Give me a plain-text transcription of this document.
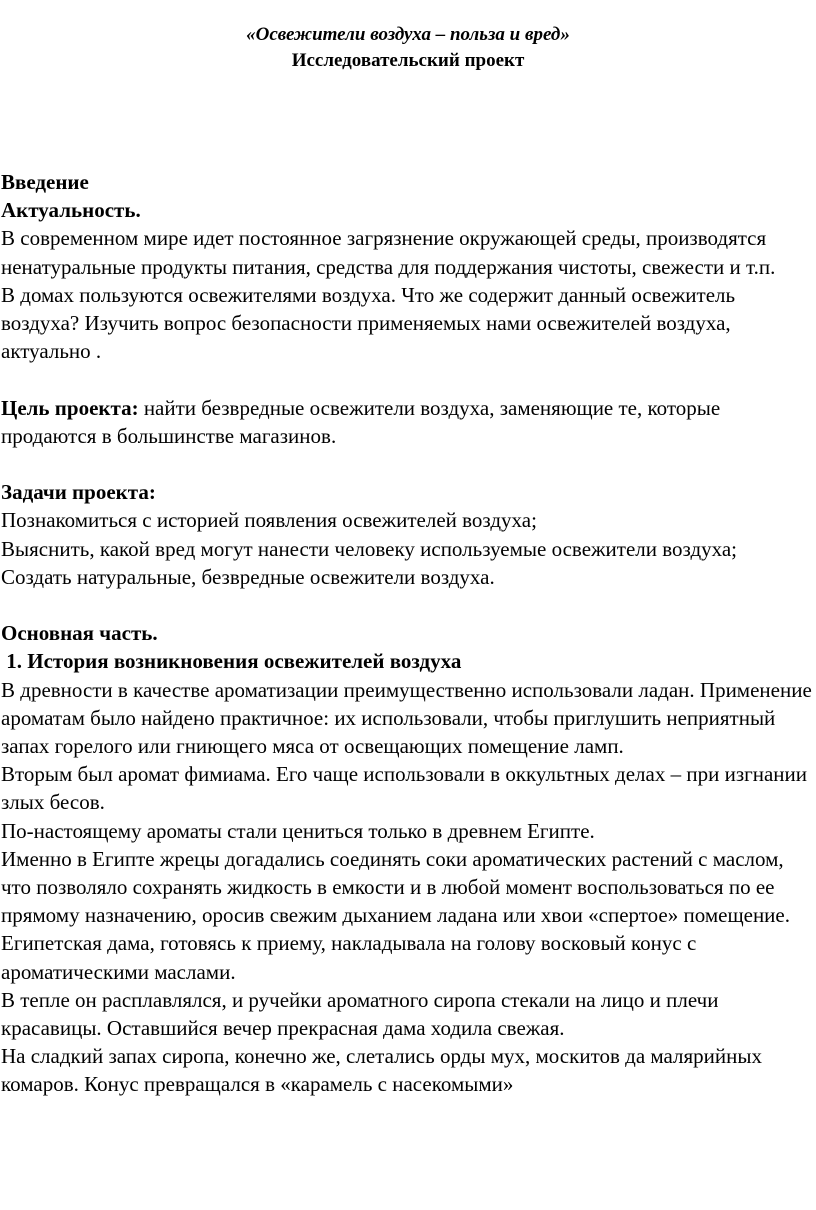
«Освежители воздуха – польза и вред»
Исследовательский проект

Введение

Актуальность.

В современном мире идет постоянное загрязнение окружающей среды, производятся ненатуральные продукты питания, средства для поддержания чистоты, свежести и т.п.

В домах пользуются освежителями воздуха. Что же содержит данный освежитель воздуха? Изучить вопрос безопасности применяемых нами освежителей воздуха, актуально .

Цель проекта: найти безвредные освежители воздуха, заменяющие те, которые продаются в большинстве магазинов.

Задачи проекта:

Познакомиться с историей появления освежителей воздуха;

Выяснить, какой вред могут нанести человеку используемые освежители воздуха;

Создать натуральные, безвредные освежители воздуха.

Основная часть.

1. История возникновения освежителей воздуха

В древности в качестве ароматизации преимущественно использовали ладан. Применение ароматам было найдено практичное: их использовали, чтобы приглушить неприятный запах горелого или гниющего мяса от освещающих помещение ламп.

Вторым был аромат фимиама. Его чаще использовали в оккультных делах – при изгнании злых бесов.

По-настоящему ароматы стали цениться только в древнем Египте.

Именно в Египте жрецы догадались соединять соки ароматических растений с маслом, что позволяло сохранять жидкость в емкости и в любой момент воспользоваться по ее прямому назначению, оросив свежим дыханием ладана или хвои «спертое» помещение.

Египетская дама, готовясь к приему, накладывала на голову восковый конус с ароматическими маслами.

В тепле он расплавлялся, и ручейки ароматного сиропа стекали на лицо и плечи красавицы. Оставшийся вечер прекрасная дама ходила свежая.

На сладкий запах сиропа, конечно же, слетались орды мух, москитов да малярийных комаров. Конус превращался в «карамель с насекомыми»
